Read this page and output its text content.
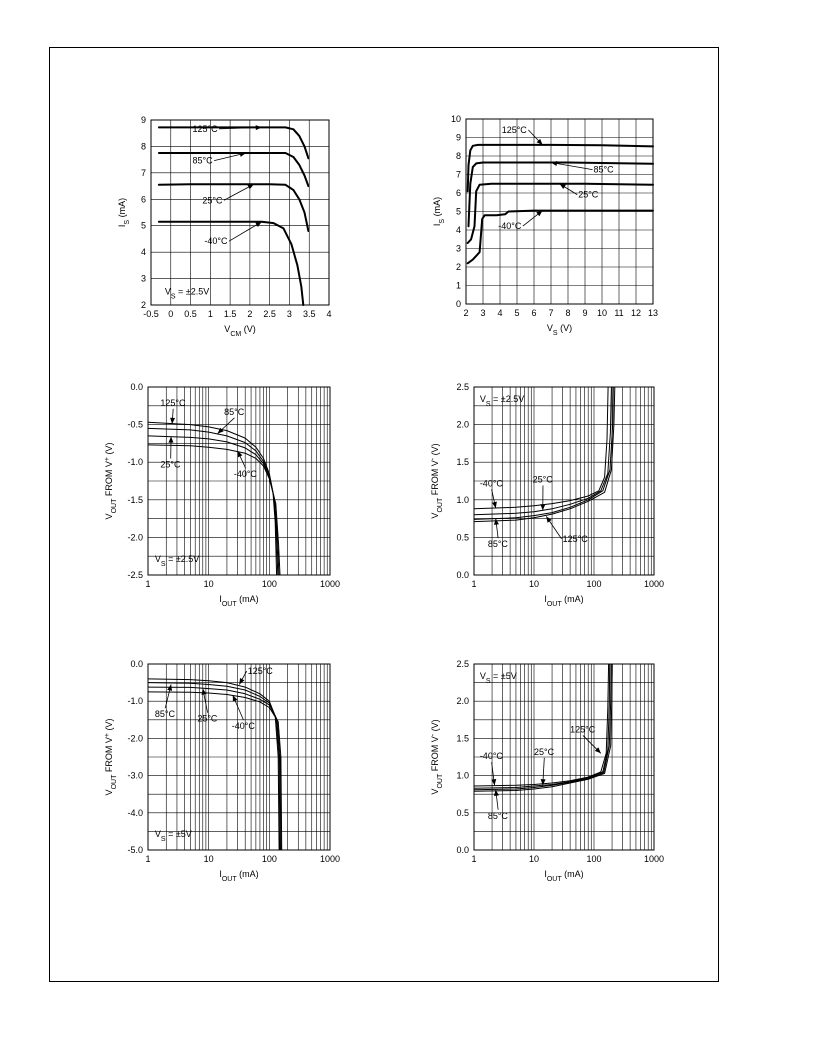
-0.5 0 0.5 1 1.5 2 2.5 3 3.5 4
2
3
4
5
6
7
8
9
$V_{CM}$ (V)
$I_S$ (mA)
125°C
85°C
25°C
-40°C
$V_S = \pm 2.5V$
2 3 4 5 6 7 8 9 10 11 12 13
0
1
2
3
4
5
6
7
8
9
10
$V_S$ (V)
$I_S$ (mA)
125°C
85°C
25°C
-40°C
1	10	100	1000
-2.5
-2.0
-1.5
-1.0
-0.5
0.0
$I_{OUT}$ (mA)
$V_{OUT}$ FROM V+ (V)
125°C
85°C
25°C
-40°C
$V_S = \pm 2.5V$
1	10	100	1000
0.0
0.5
1.0
1.5
2.0
2.5
$I_{OUT}$ (mA)
$V_{OUT}$ FROM V- (V)
$V_S = \pm 2.5V$
-40°C	25°C
85°C
125°C
1	10	100	1000
-5.0
-4.0
-3.0
-2.0
-1.0
0.0
$I_{OUT}$ (mA)
$V_{OUT}$ FROM V+ (V)
125°C
85°C 25°C
-40°C
$V_S = \pm 5V$
1	10	100	1000
0.0
0.5
1.0
1.5
2.0
2.5
$I_{OUT}$ (mA)
$V_{OUT}$ FROM V- (V)
$V_S = \pm 5V$
-40°C	25°C
85°C
125°C
